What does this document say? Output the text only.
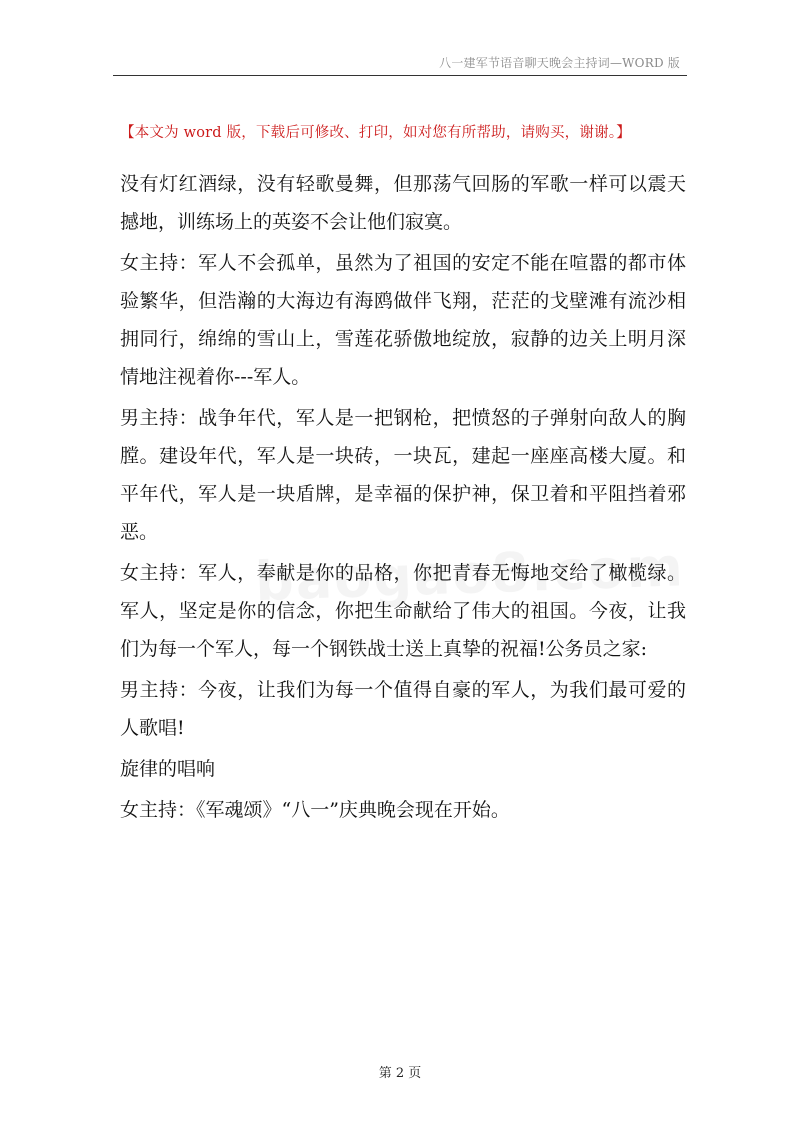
八一建军节语音聊天晚会主持词—WORD 版
【本文为 word 版，下载后可修改、打印，如对您有所帮助，请购买，谢谢。】

没有灯红酒绿，没有轻歌曼舞，但那荡气回肠的军歌一样可以震天撼地，训练场上的英姿不会让他们寂寞。

女主持：军人不会孤单，虽然为了祖国的安定不能在喧嚣的都市体验繁华，但浩瀚的大海边有海鸥做伴飞翔，茫茫的戈壁滩有流沙相拥同行，绵绵的雪山上，雪莲花骄傲地绽放，寂静的边关上明月深情地注视着你---军人。

男主持：战争年代，军人是一把钢枪，把愤怒的子弹射向敌人的胸膛。建设年代，军人是一块砖，一块瓦，建起一座座高楼大厦。和平年代，军人是一块盾牌，是幸福的保护神，保卫着和平阻挡着邪恶。

女主持：军人，奉献是你的品格，你把青春无悔地交给了橄榄绿。军人，坚定是你的信念，你把生命献给了伟大的祖国。今夜，让我们为每一个军人，每一个钢铁战士送上真挚的祝福!公务员之家:

男主持：今夜，让我们为每一个值得自豪的军人，为我们最可爱的人歌唱!

旋律的唱响

女主持：《军魂颂》“八一”庆典晚会现在开始。

第 2 页
